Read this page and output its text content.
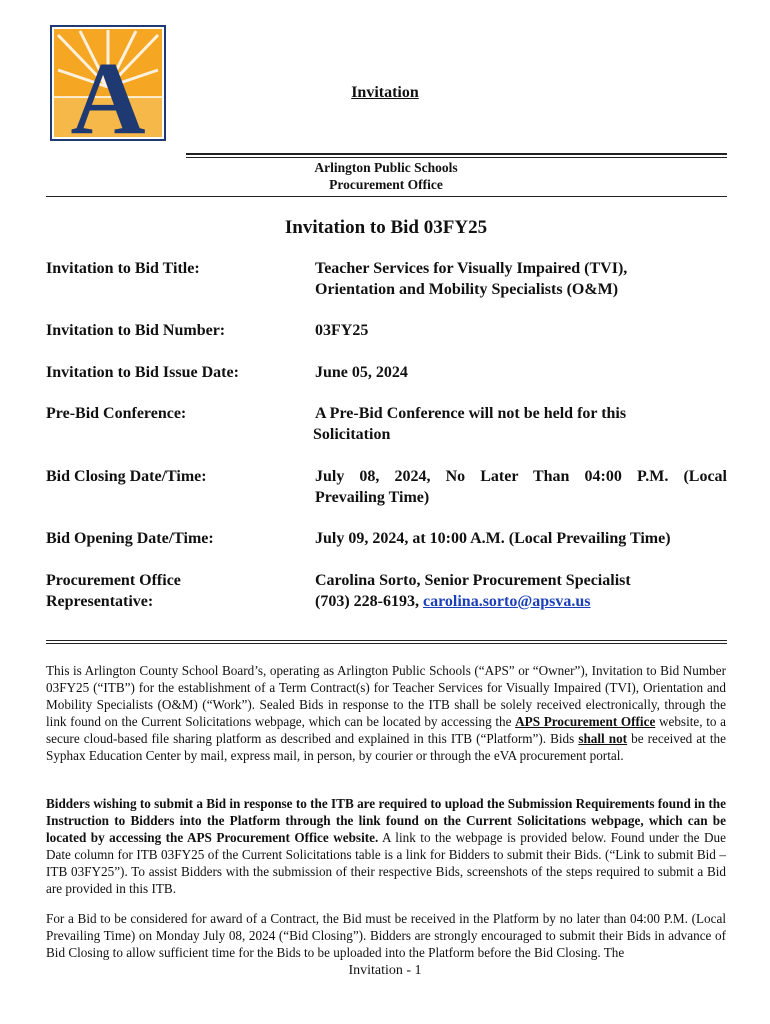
A	Invitation
Arlington Public Schools
Procurement Office
Invitation to Bid 03FY25
Invitation to Bid Title:	Teacher Services for Visually Impaired (TVI),
Orientation and Mobility Specialists (O&M)
Invitation to Bid Number:	03FY25
Invitation to Bid Issue Date:	June 05, 2024
Pre-Bid Conference:	A Pre-Bid Conference will not be held for this
Solicitation
Bid Closing Date/Time:	July 08, 2024, No Later Than 04:00 P.M. (Local
Prevailing Time)
Bid Opening Date/Time:	July 09, 2024, at 10:00 A.M. (Local Prevailing Time)
Procurement Office
Representative:
Carolina Sorto, Senior Procurement Specialist
(703) 228-6193, carolina.sorto@apsva.us
This is Arlington County School Board’s, operating as Arlington Public Schools (“APS” or “Owner”), Invitation to Bid Number 03FY25 (“ITB”) for the establishment of a Term Contract(s) for Teacher Services for Visually Impaired (TVI), Orientation and Mobility Specialists (O&M) (“Work”). Sealed Bids in response to the ITB shall be solely received electronically, through the link found on the Current Solicitations webpage, which can be located by accessing the APS Procurement Office website, to a secure cloud-based file sharing platform as described and explained in this ITB (“Platform”). Bids shall not be received at the Syphax Education Center by mail, express mail, in person, by courier or through the eVA procurement portal.
Bidders wishing to submit a Bid in response to the ITB are required to upload the Submission Requirements found in the Instruction to Bidders into the Platform through the link found on the Current Solicitations webpage, which can be located by accessing the APS Procurement Office website. A link to the webpage is provided below. Found under the Due Date column for ITB 03FY25 of the Current Solicitations table is a link for Bidders to submit their Bids. (“Link to submit Bid – ITB 03FY25”). To assist Bidders with the submission of their respective Bids, screenshots of the steps required to submit a Bid are provided in this ITB.
For a Bid to be considered for award of a Contract, the Bid must be received in the Platform by no later than 04:00 P.M. (Local Prevailing Time) on Monday July 08, 2024 (“Bid Closing”). Bidders are strongly encouraged to submit their Bids in advance of Bid Closing to allow sufficient time for the Bids to be uploaded into the Platform before the Bid Closing. The
Invitation - 1
